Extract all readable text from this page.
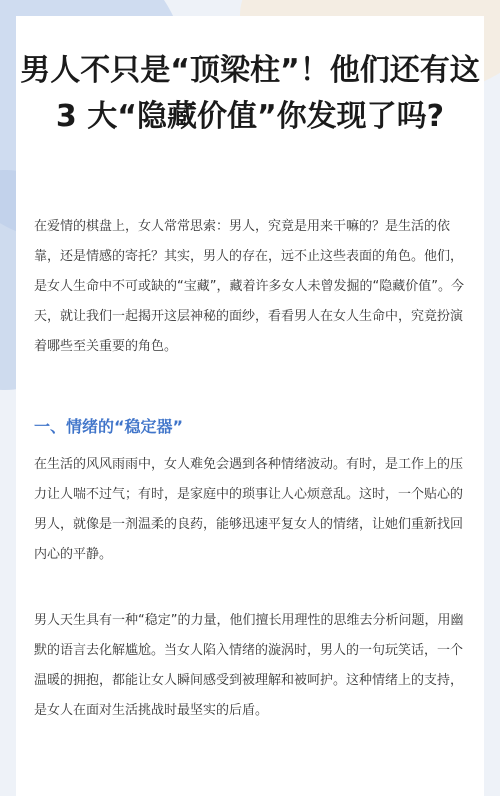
男人不只是“顶梁柱”！他们还有这 3 大“隐藏价值”你发现了吗?

在爱情的棋盘上，女人常常思索：男人，究竟是用来干嘛的？是生活的依靠，还是情感的寄托？其实，男人的存在，远不止这些表面的角色。他们，是女人生命中不可或缺的“宝藏”，藏着许多女人未曾发掘的“隐藏价值”。今天，就让我们一起揭开这层神秘的面纱，看看男人在女人生命中，究竟扮演着哪些至关重要的角色。

一、情绪的“稳定器”

在生活的风风雨雨中，女人难免会遇到各种情绪波动。有时，是工作上的压力让人喘不过气；有时，是家庭中的琐事让人心烦意乱。这时，一个贴心的男人，就像是一剂温柔的良药，能够迅速平复女人的情绪，让她们重新找回内心的平静。

男人天生具有一种“稳定”的力量，他们擅长用理性的思维去分析问题，用幽默的语言去化解尴尬。当女人陷入情绪的漩涡时，男人的一句玩笑话，一个温暖的拥抱，都能让女人瞬间感受到被理解和被呵护。这种情绪上的支持，是女人在面对生活挑战时最坚实的后盾。
